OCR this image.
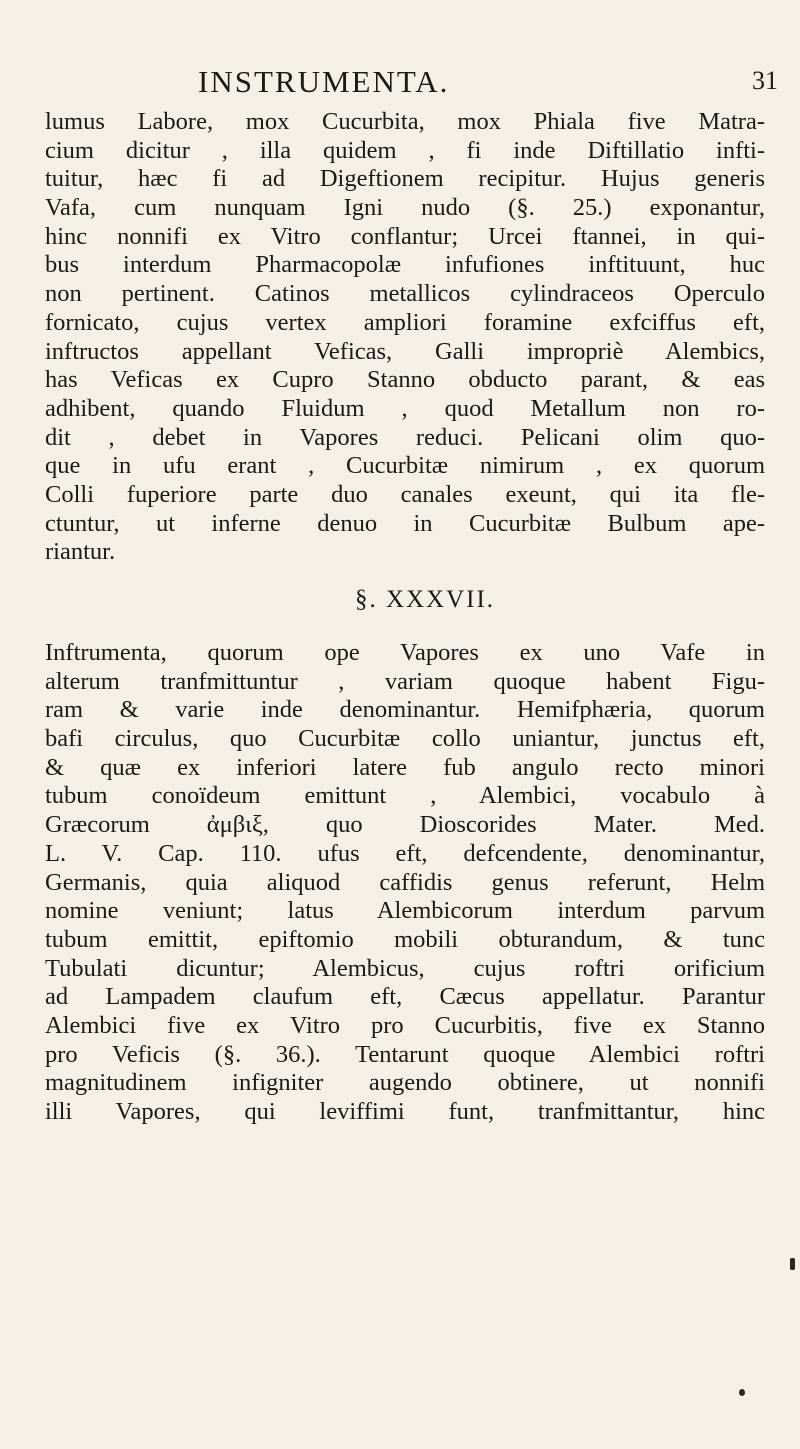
INSTRUMENTA.	31
lumus Labore, mox Cucurbita, mox Phiala five Matra-
cium dicitur , illa quidem , fi inde Diftillatio infti-
tuitur, hæc fi ad Digeftionem recipitur. Hujus generis
Vafa, cum nunquam Igni nudo (§. 25.) exponantur,
hinc nonnifi ex Vitro conflantur; Urcei ftannei, in qui-
bus interdum Pharmacopolæ infufiones inftituunt, huc
non pertinent. Catinos metallicos cylindraceos Operculo
fornicato, cujus vertex ampliori foramine exfciffus eft,
inftructos appellant Veficas, Galli impropriè Alembics,
has Veficas ex Cupro Stanno obducto parant, & eas
adhibent, quando Fluidum , quod Metallum non ro-
dit , debet in Vapores reduci. Pelicani olim quo-
que in ufu erant , Cucurbitæ nimirum , ex quorum
Colli fuperiore parte duo canales exeunt, qui ita fle-
ctuntur, ut inferne denuo in Cucurbitæ Bulbum ape-
riantur.
§. XXXVII.
Inftrumenta, quorum ope Vapores ex uno Vafe in
alterum tranfmittuntur , variam quoque habent Figu-
ram & varie inde denominantur. Hemifphæria, quorum
bafi circulus, quo Cucurbitæ collo uniantur, junctus eft,
& quæ ex inferiori latere fub angulo recto minori
tubum conoïdeum emittunt , Alembici, vocabulo à
Græcorum ἀμβιξ, quo Dioscorides Mater. Med.
L. V. Cap. 110. ufus eft, defcendente, denominantur,
Germanis, quia aliquod caffidis genus referunt, Helm
nomine veniunt; latus Alembicorum interdum parvum
tubum emittit, epiftomio mobili obturandum, & tunc
Tubulati dicuntur; Alembicus, cujus roftri orificium
ad Lampadem claufum eft, Cæcus appellatur. Parantur
Alembici five ex Vitro pro Cucurbitis, five ex Stanno
pro Veficis (§. 36.). Tentarunt quoque Alembici roftri
magnitudinem infigniter augendo obtinere, ut nonnifi
illi Vapores, qui leviffimi funt, tranfmittantur, hinc
